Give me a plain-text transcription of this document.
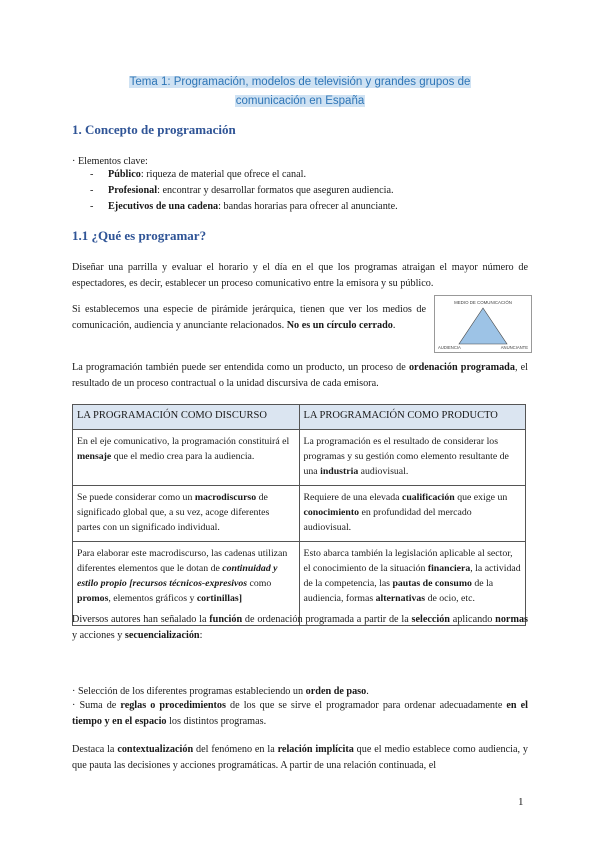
Tema 1: Programación, modelos de televisión y grandes grupos de
comunicación en España
1. Concepto de programación

· Elementos clave:

- Público: riqueza de material que ofrece el canal.
- Profesional: encontrar y desarrollar formatos que aseguren audiencia.
- Ejecutivos de una cadena: bandas horarias para ofrecer al anunciante.
1.1 ¿Qué es programar?

Diseñar una parrilla y evaluar el horario y el día en el que los programas atraigan el mayor número de espectadores, es decir, establecer un proceso comunicativo entre la emisora y su público.

Si establecemos una especie de pirámide jerárquica, tienen que ver los medios de comunicación, audiencia y anunciante relacionados. No es un círculo cerrado.

MEDIO DE COMUNICACIÓN
AUDIENCIA	ANUNCIANTE

La programación también puede ser entendida como un producto, un proceso de ordenación programada, el resultado de un proceso contractual o la unidad discursiva de cada emisora.

LA PROGRAMACIÓN COMO DISCURSO	LA PROGRAMACIÓN COMO PRODUCTO
En el eje comunicativo, la programación constituirá el mensaje que el medio crea para la audiencia.	La programación es el resultado de considerar los programas y su gestión como elemento resultante de una industria audiovisual.
Se puede considerar como un macrodiscurso de significado global que, a su vez, acoge diferentes partes con un significado individual.	Requiere de una elevada cualificación que exige un conocimiento en profundidad del mercado audiovisual.
Para elaborar este macrodiscurso, las cadenas utilizan diferentes elementos que le dotan de continuidad y estilo propio [recursos técnicos-expresivos como promos, elementos gráficos y cortinillas]	Esto abarca también la legislación aplicable al sector, el conocimiento de la situación financiera, la actividad de la competencia, las pautas de consumo de la audiencia, formas alternativas de ocio, etc.

Diversos autores han señalado la función de ordenación programada a partir de la selección aplicando normas y acciones y secuencialización:

· Selección de los diferentes programas estableciendo un orden de paso.

· Suma de reglas o procedimientos de los que se sirve el programador para ordenar adecuadamente en el tiempo y en el espacio los distintos programas.

Destaca la contextualización del fenómeno en la relación implícita que el medio establece como audiencia, y que pauta las decisiones y acciones programáticas. A partir de una relación continuada, el

1
